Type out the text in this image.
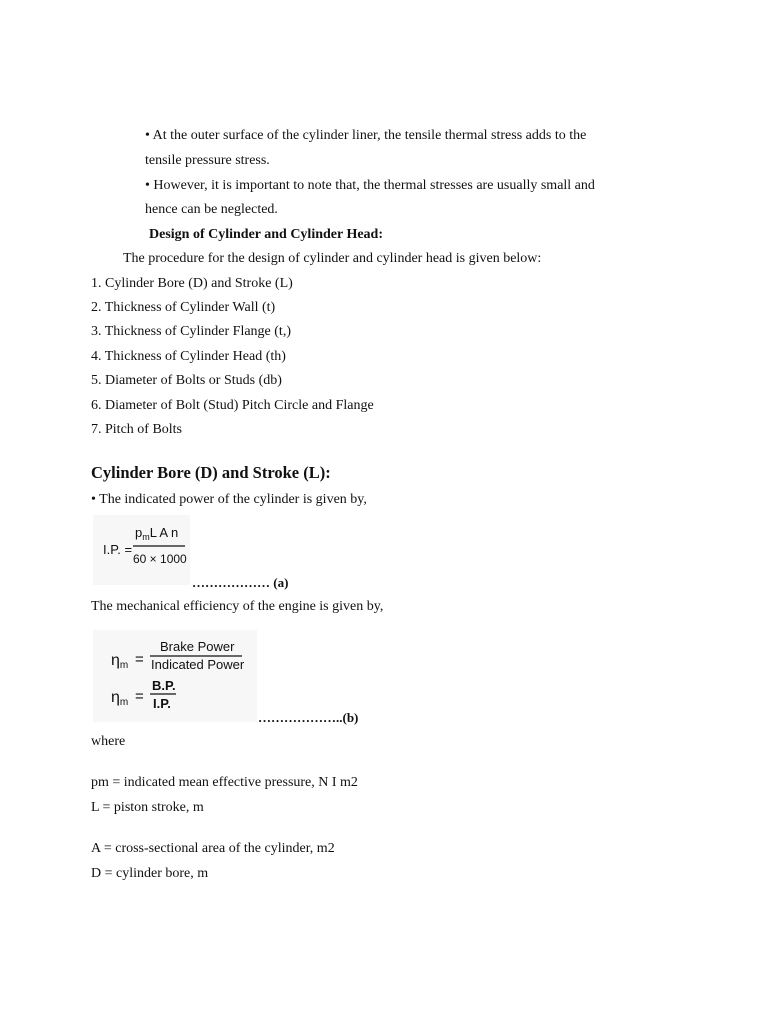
• At the outer surface of the cylinder liner, the tensile thermal stress adds to the
tensile pressure stress.
• However, it is important to note that, the thermal stresses are usually small and
hence can be neglected.
Design of Cylinder and Cylinder Head:
The procedure for the design of cylinder and cylinder head is given below:
1. Cylinder Bore (D) and Stroke (L)
2. Thickness of Cylinder Wall (t)
3. Thickness of Cylinder Flange (t,)
4. Thickness of Cylinder Head (th)
5. Diameter of Bolts or Studs (db)
6. Diameter of Bolt (Stud) Pitch Circle and Flange
7. Pitch of Bolts
Cylinder Bore (D) and Stroke (L):
• The indicated power of the cylinder is given by,
I.P. =
$p_mL$ A n
60 × 1000
……………… (a)
The mechanical efficiency of the engine is given by,
ηm =
Brake Power
Indicated Power
ηm =
B.P.
I.P.
………………..(b)
where
pm = indicated mean effective pressure, N I m2
L = piston stroke, m
A = cross-sectional area of the cylinder, m2
D = cylinder bore, m
